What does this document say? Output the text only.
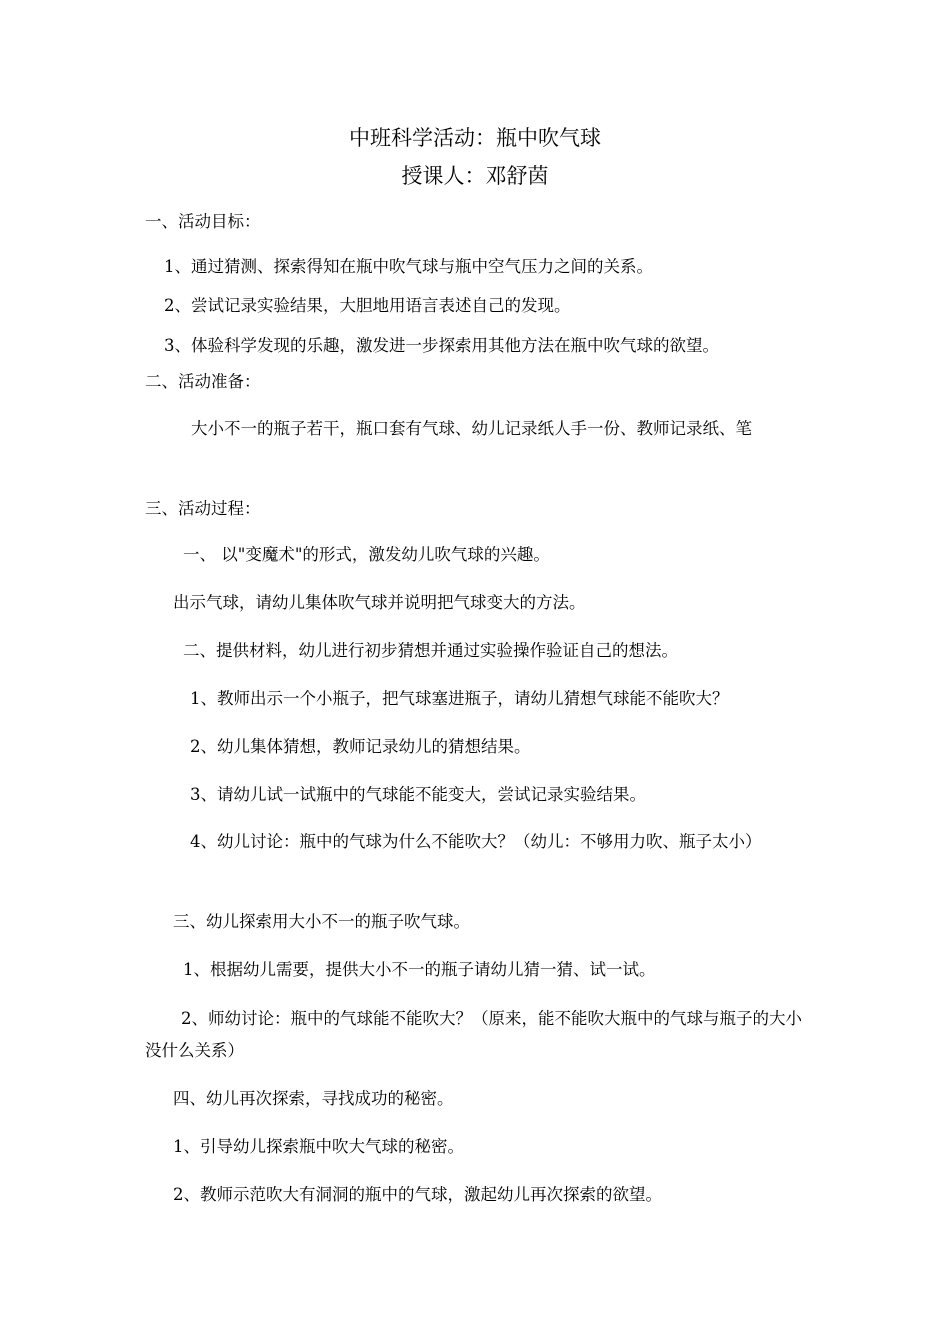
中班科学活动：瓶中吹气球
授课人：邓舒茵
一、活动目标：
1、通过猜测、探索得知在瓶中吹气球与瓶中空气压力之间的关系。
2、尝试记录实验结果，大胆地用语言表述自己的发现。
3、体验科学发现的乐趣，激发进一步探索用其他方法在瓶中吹气球的欲望。
二、活动准备：
大小不一的瓶子若干，瓶口套有气球、幼儿记录纸人手一份、教师记录纸、笔
三、活动过程：
一、 以"变魔术"的形式，激发幼儿吹气球的兴趣。
出示气球，请幼儿集体吹气球并说明把气球变大的方法。
二、提供材料，幼儿进行初步猜想并通过实验操作验证自己的想法。
1、教师出示一个小瓶子，把气球塞进瓶子，请幼儿猜想气球能不能吹大？
2、幼儿集体猜想，教师记录幼儿的猜想结果。
3、请幼儿试一试瓶中的气球能不能变大，尝试记录实验结果。
4、幼儿讨论：瓶中的气球为什么不能吹大？（幼儿：不够用力吹、瓶子太小）
三、幼儿探索用大小不一的瓶子吹气球。
1、根据幼儿需要，提供大小不一的瓶子请幼儿猜一猜、试一试。
2、师幼讨论：瓶中的气球能不能吹大？（原来，能不能吹大瓶中的气球与瓶子的大小没什么关系）
四、幼儿再次探索，寻找成功的秘密。
1、引导幼儿探索瓶中吹大气球的秘密。
2、教师示范吹大有洞洞的瓶中的气球，激起幼儿再次探索的欲望。
